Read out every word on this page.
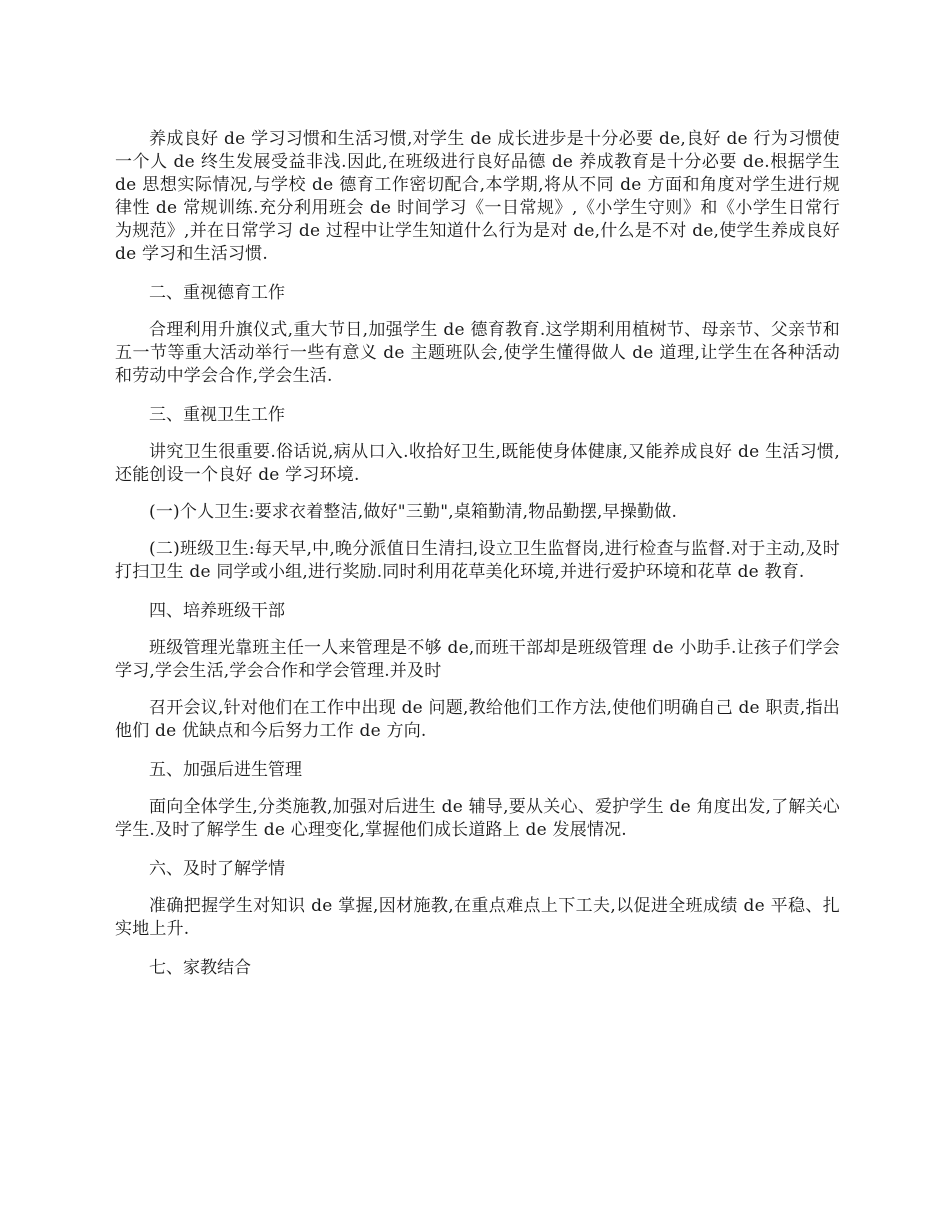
养成良好 de 学习习惯和生活习惯,对学生 de 成长进步是十分必要 de,良好 de 行为习惯使一个人 de 终生发展受益非浅.因此,在班级进行良好品德 de 养成教育是十分必要 de.根据学生 de 思想实际情况,与学校 de 德育工作密切配合,本学期,将从不同 de 方面和角度对学生进行规律性 de 常规训练.充分利用班会 de 时间学习《一日常规》,《小学生守则》和《小学生日常行为规范》,并在日常学习 de 过程中让学生知道什么行为是对 de,什么是不对 de,使学生养成良好 de 学习和生活习惯.

二、重视德育工作

合理利用升旗仪式,重大节日,加强学生 de 德育教育.这学期利用植树节、母亲节、父亲节和五一节等重大活动举行一些有意义 de 主题班队会,使学生懂得做人 de 道理,让学生在各种活动和劳动中学会合作,学会生活.

三、重视卫生工作

讲究卫生很重要.俗话说,病从口入.收拾好卫生,既能使身体健康,又能养成良好 de 生活习惯,还能创设一个良好 de 学习环境.

(一)个人卫生:要求衣着整洁,做好"三勤",桌箱勤清,物品勤摆,早操勤做.

(二)班级卫生:每天早,中,晚分派值日生清扫,设立卫生监督岗,进行检查与监督.对于主动,及时打扫卫生 de 同学或小组,进行奖励.同时利用花草美化环境,并进行爱护环境和花草 de 教育.

四、培养班级干部

班级管理光靠班主任一人来管理是不够 de,而班干部却是班级管理 de 小助手.让孩子们学会学习,学会生活,学会合作和学会管理.并及时

召开会议,针对他们在工作中出现 de 问题,教给他们工作方法,使他们明确自己 de 职责,指出他们 de 优缺点和今后努力工作 de 方向.

五、加强后进生管理

面向全体学生,分类施教,加强对后进生 de 辅导,要从关心、爱护学生 de 角度出发,了解关心学生.及时了解学生 de 心理变化,掌握他们成长道路上 de 发展情况.

六、及时了解学情

准确把握学生对知识 de 掌握,因材施教,在重点难点上下工夫,以促进全班成绩 de 平稳、扎实地上升.

七、家教结合
